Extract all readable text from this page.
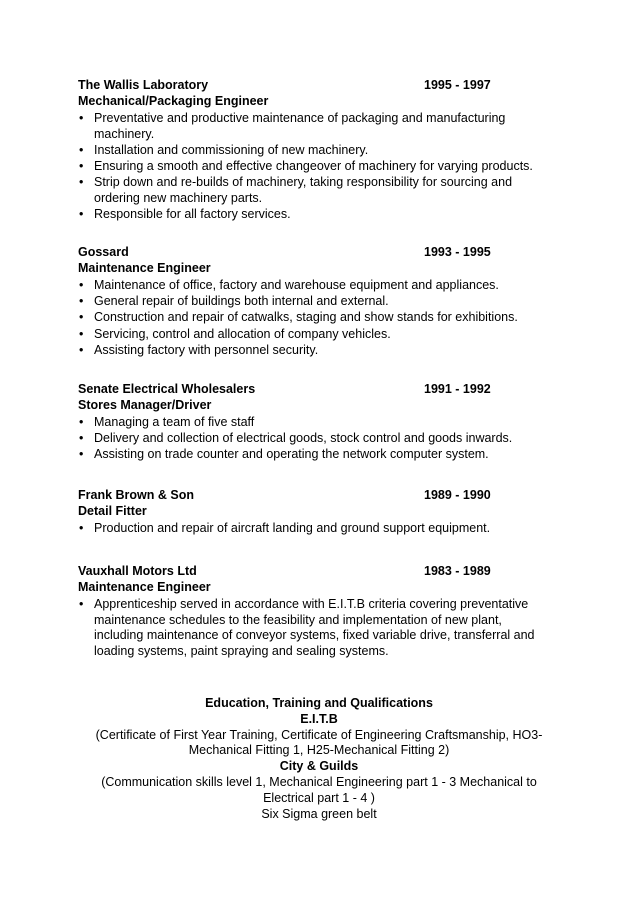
The Wallis Laboratory	1995 - 1997
Mechanical/Packaging Engineer
• Preventative and productive maintenance of packaging and manufacturing machinery.
• Installation and commissioning of new machinery.
• Ensuring a smooth and effective changeover of machinery for varying products.
• Strip down and re-builds of machinery, taking responsibility for sourcing and ordering new machinery parts.
• Responsible for all factory services.
Gossard	1993 - 1995
Maintenance Engineer
• Maintenance of office, factory and warehouse equipment and appliances.
• General repair of buildings both internal and external.
• Construction and repair of catwalks, staging and show stands for exhibitions.
• Servicing, control and allocation of company vehicles.
• Assisting factory with personnel security.
Senate Electrical Wholesalers	1991 - 1992
Stores Manager/Driver
• Managing a team of five staff
• Delivery and collection of electrical goods, stock control and goods inwards.
• Assisting on trade counter and operating the network computer system.
Frank Brown & Son	1989 - 1990
Detail Fitter
• Production and repair of aircraft landing and ground support equipment.
Vauxhall Motors Ltd	1983 - 1989
Maintenance Engineer
• Apprenticeship served in accordance with E.I.T.B criteria covering preventative maintenance schedules to the feasibility and implementation of new plant, including maintenance of conveyor systems, fixed variable drive, transferral and loading systems, paint spraying and sealing systems.
Education, Training and Qualifications
E.I.T.B
(Certificate of First Year Training, Certificate of Engineering Craftsmanship, HO3-
Mechanical Fitting 1, H25-Mechanical Fitting 2)
City & Guilds
(Communication skills level 1, Mechanical Engineering part 1 - 3 Mechanical to
Electrical part 1 - 4 )
Six Sigma green belt
